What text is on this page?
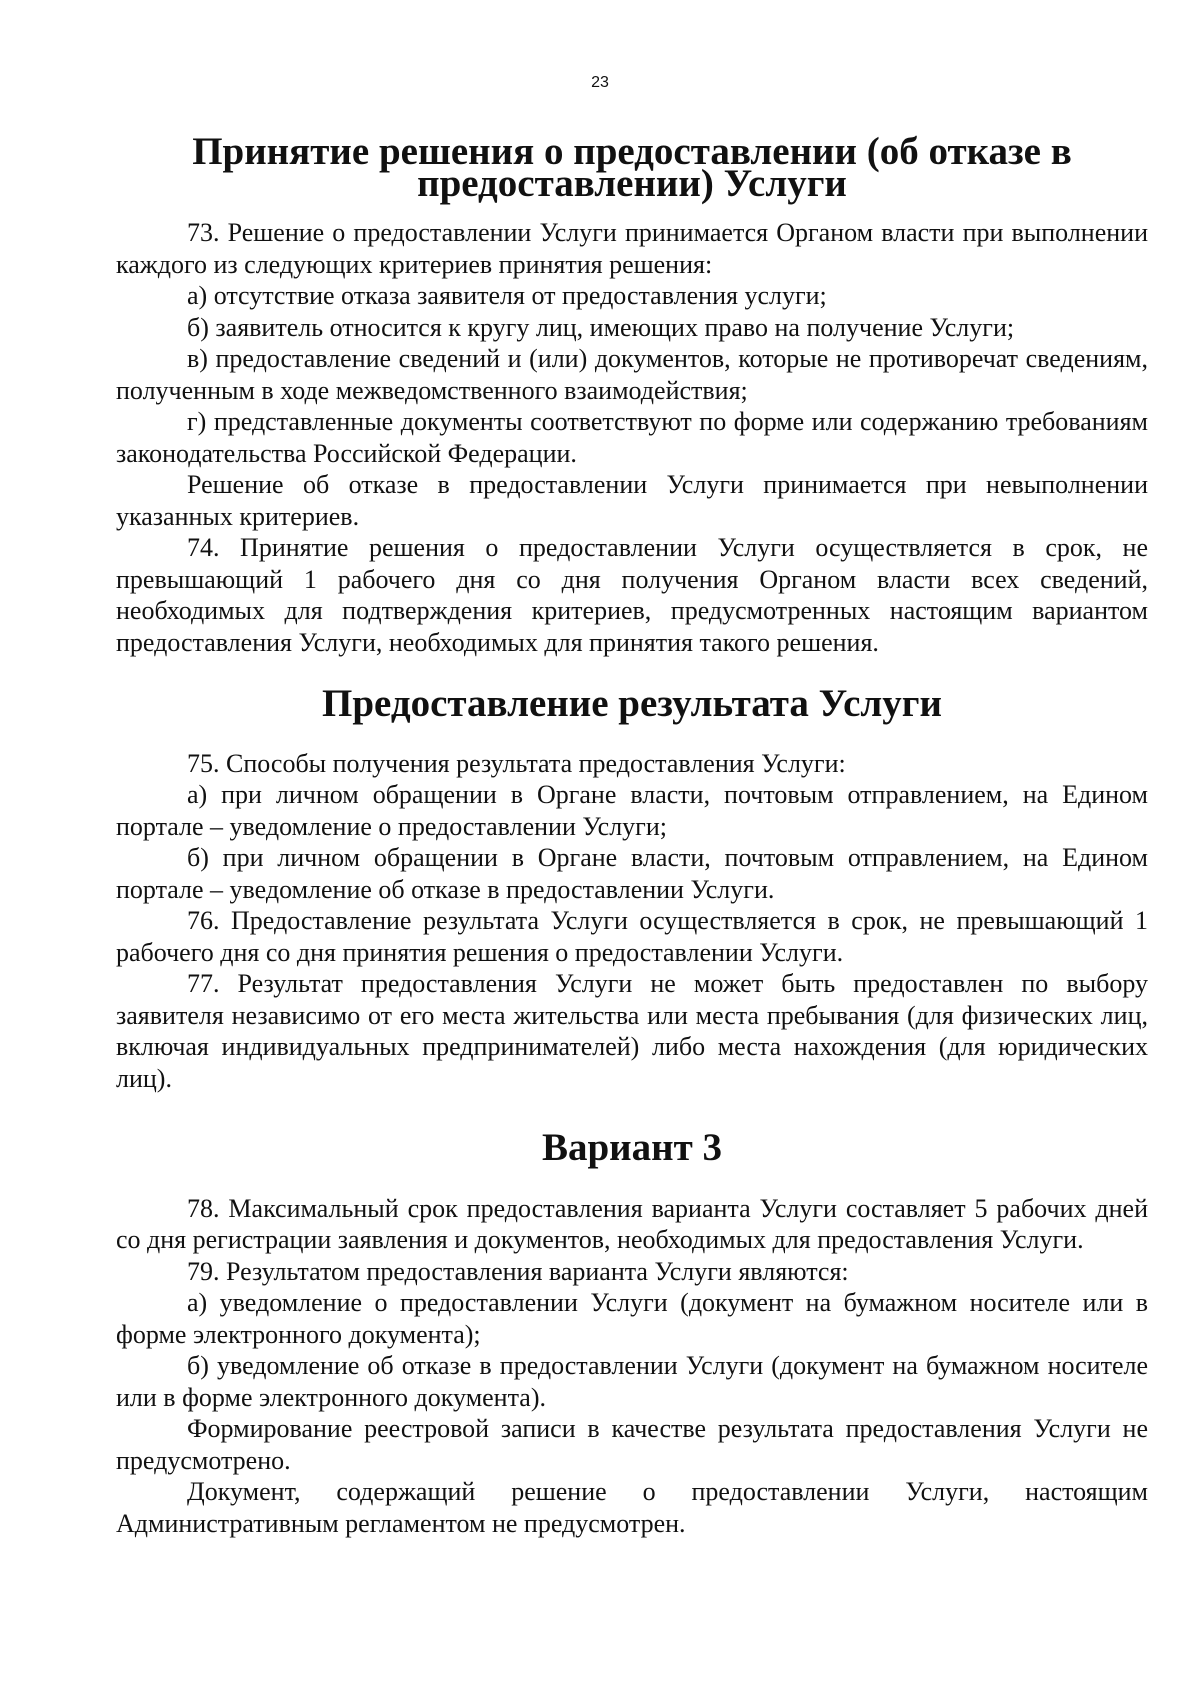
23
Принятие решения о предоставлении (об отказе в предоставлении) Услуги

73. Решение о предоставлении Услуги принимается Органом власти при выполнении каждого из следующих критериев принятия решения:

а) отсутствие отказа заявителя от предоставления услуги;

б) заявитель относится к кругу лиц, имеющих право на получение Услуги;

в) предоставление сведений и (или) документов, которые не противоречат сведениям, полученным в ходе межведомственного взаимодействия;

г) представленные документы соответствуют по форме или содержанию требованиям законодательства Российской Федерации.

Решение об отказе в предоставлении Услуги принимается при невыполнении указанных критериев.

74. Принятие решения о предоставлении Услуги осуществляется в срок, не превышающий 1 рабочего дня со дня получения Органом власти всех сведений, необходимых для подтверждения критериев, предусмотренных настоящим вариантом предоставления Услуги, необходимых для принятия такого решения.

Предоставление результата Услуги

75. Способы получения результата предоставления Услуги:

а) при личном обращении в Органе власти, почтовым отправлением, на Едином портале – уведомление о предоставлении Услуги;

б) при личном обращении в Органе власти, почтовым отправлением, на Едином портале – уведомление об отказе в предоставлении Услуги.

76. Предоставление результата Услуги осуществляется в срок, не превышающий 1 рабочего дня со дня принятия решения о предоставлении Услуги.

77. Результат предоставления Услуги не может быть предоставлен по выбору заявителя независимо от его места жительства или места пребывания (для физических лиц, включая индивидуальных предпринимателей) либо места нахождения (для юридических лиц).

Вариант 3

78. Максимальный срок предоставления варианта Услуги составляет 5 рабочих дней со дня регистрации заявления и документов, необходимых для предоставления Услуги.

79. Результатом предоставления варианта Услуги являются:

а) уведомление о предоставлении Услуги (документ на бумажном носителе или в форме электронного документа);

б) уведомление об отказе в предоставлении Услуги (документ на бумажном носителе или в форме электронного документа).

Формирование реестровой записи в качестве результата предоставления Услуги не предусмотрено.

Документ, содержащий решение о предоставлении Услуги, настоящим Административным регламентом не предусмотрен.
